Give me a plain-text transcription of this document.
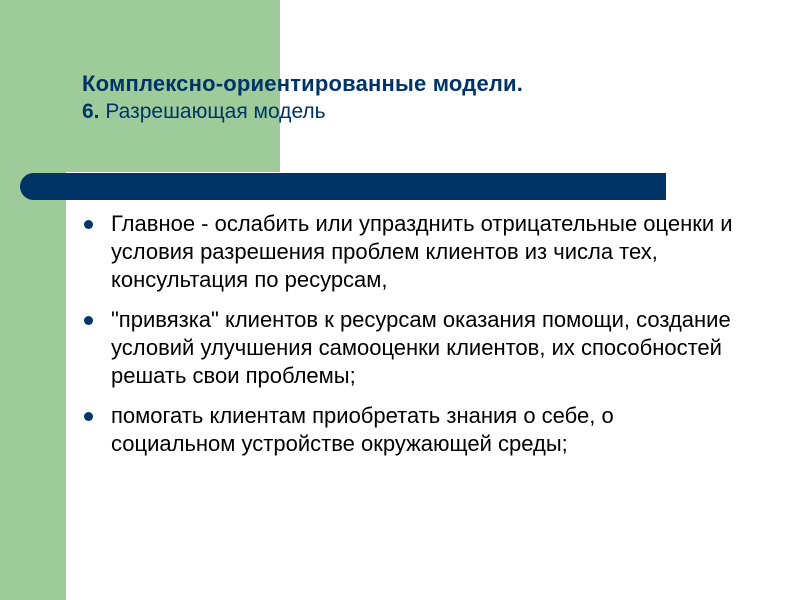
Комплексно-ориентированные модели.
6. Разрешающая модель
Главное - ослабить или упразднить отрицательные оценки и условия разрешения проблем клиентов из числа тех, консультация по ресурсам,
"привязка" клиентов к ресурсам оказания помощи, создание условий улучшения самооценки клиентов, их способностей решать свои проблемы;
помогать клиентам приобретать знания о себе, о социальном устройстве окружающей среды;
